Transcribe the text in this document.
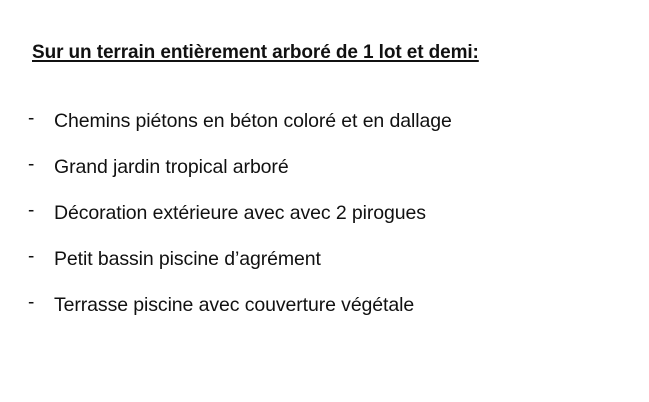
Sur un terrain entièrement arboré de 1 lot et demi:
-	Chemins piétons en béton coloré et en dallage
-	Grand jardin tropical arboré
-	Décoration extérieure avec avec 2 pirogues
-	Petit bassin piscine d’agrément
-	Terrasse piscine avec couverture végétale
